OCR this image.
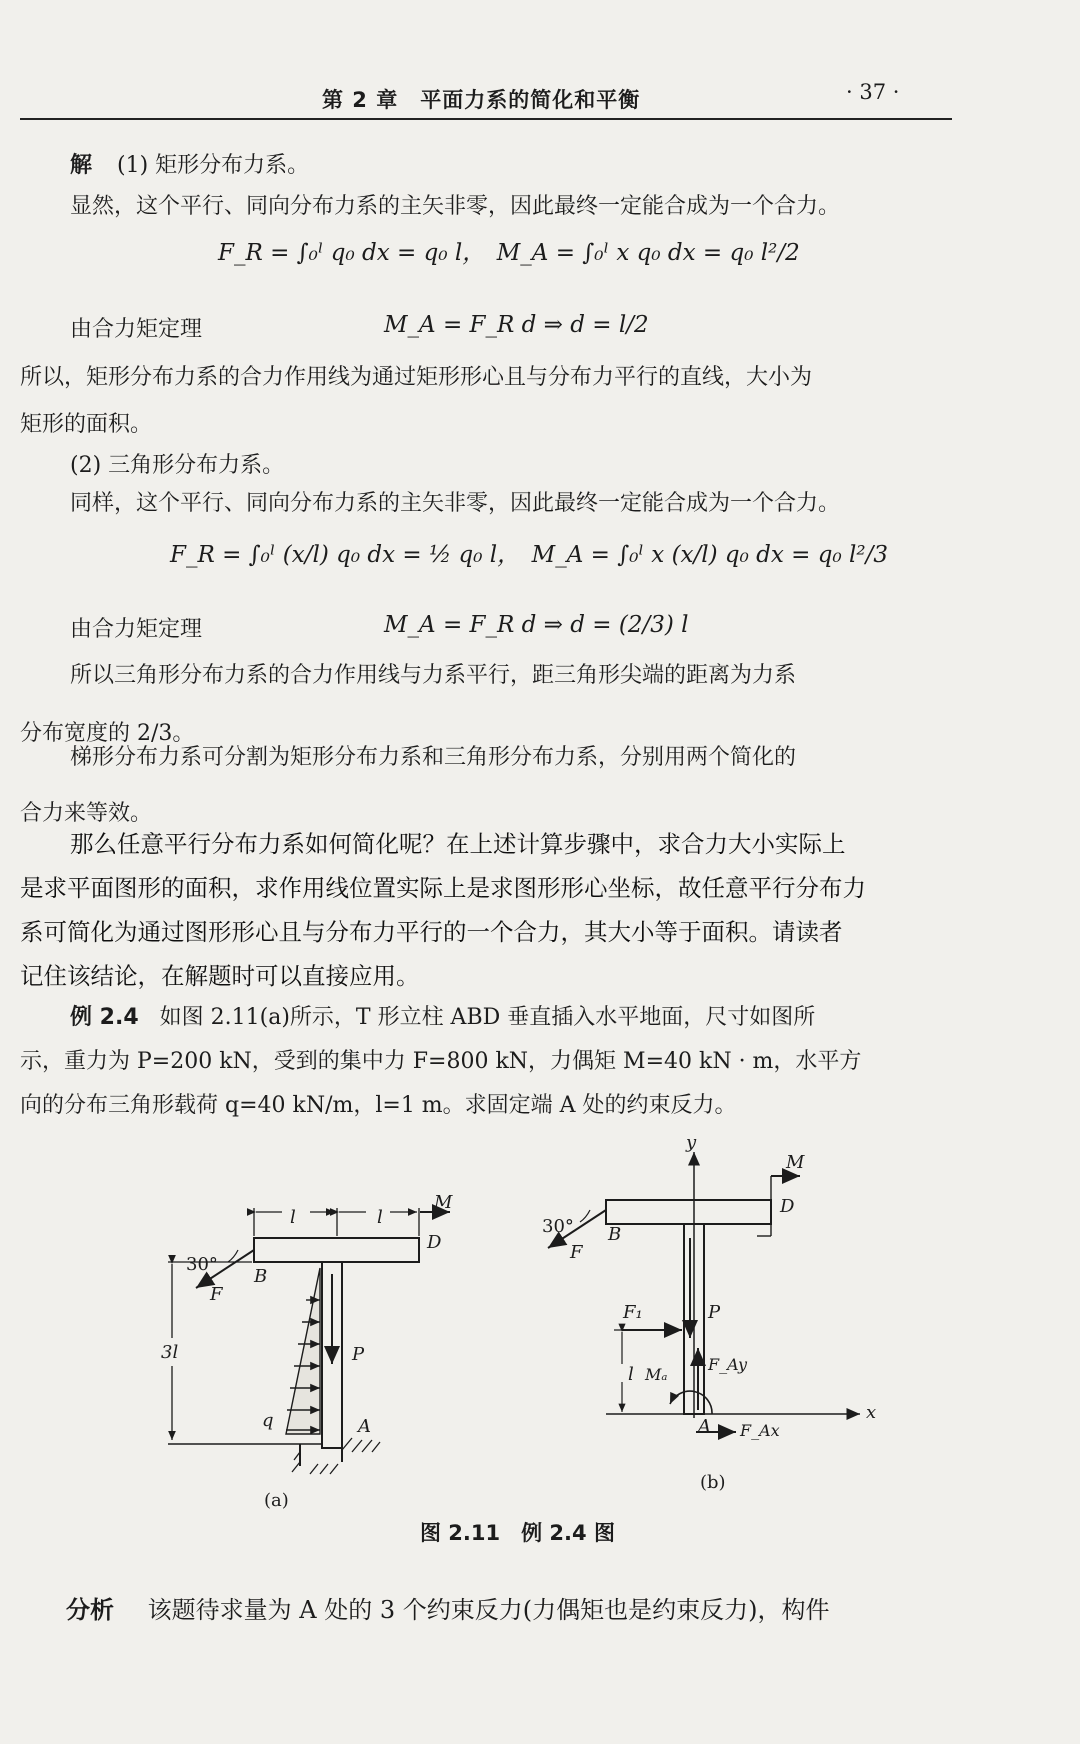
第 2 章　平面力系的简化和平衡	· 37 ·
解 (1) 矩形分布力系。
显然，这个平行、同向分布力系的主矢非零，因此最终一定能合成为一个合力。
F_R = ∫₀ˡ q₀ dx = q₀ l，　M_A = ∫₀ˡ x q₀ dx = q₀ l²/2
由合力矩定理	M_A = F_R d ⇒ d = l/2
所以，矩形分布力系的合力作用线为通过矩形形心且与分布力平行的直线，大小为
矩形的面积。
(2) 三角形分布力系。
同样，这个平行、同向分布力系的主矢非零，因此最终一定能合成为一个合力。
F_R = ∫₀ˡ (x/l) q₀ dx = ½ q₀ l，　M_A = ∫₀ˡ x (x/l) q₀ dx = q₀ l²/3
由合力矩定理	M_A = F_R d ⇒ d = (2/3) l
所以三角形分布力系的合力作用线与力系平行，距三角形尖端的距离为力系
分布宽度的 2/3。
梯形分布力系可分割为矩形分布力系和三角形分布力系，分别用两个简化的
合力来等效。
那么任意平行分布力系如何简化呢？在上述计算步骤中，求合力大小实际上
是求平面图形的面积，求作用线位置实际上是求图形形心坐标，故任意平行分布力
系可简化为通过图形形心且与分布力平行的一个合力，其大小等于面积。请读者
记住该结论，在解题时可以直接应用。
例 2.4 如图 2.11(a)所示，T 形立柱 ABD 垂直插入水平地面，尺寸如图所
示，重力为 P=200 kN，受到的集中力 F=800 kN，力偶矩 M=40 kN · m，水平方
向的分布三角形载荷 q=40 kN/m，l=1 m。求固定端 A 处的约束反力。
l	l
M
D
30°
B
F
3l	P
q	A
y
x
M
D
30° B
F
F₁	P
l Mₐ
F_Ay
A F_Ax
(a)
(b)
图 2.11　例 2.4 图
分析 该题待求量为 A 处的 3 个约束反力(力偶矩也是约束反力)，构件
